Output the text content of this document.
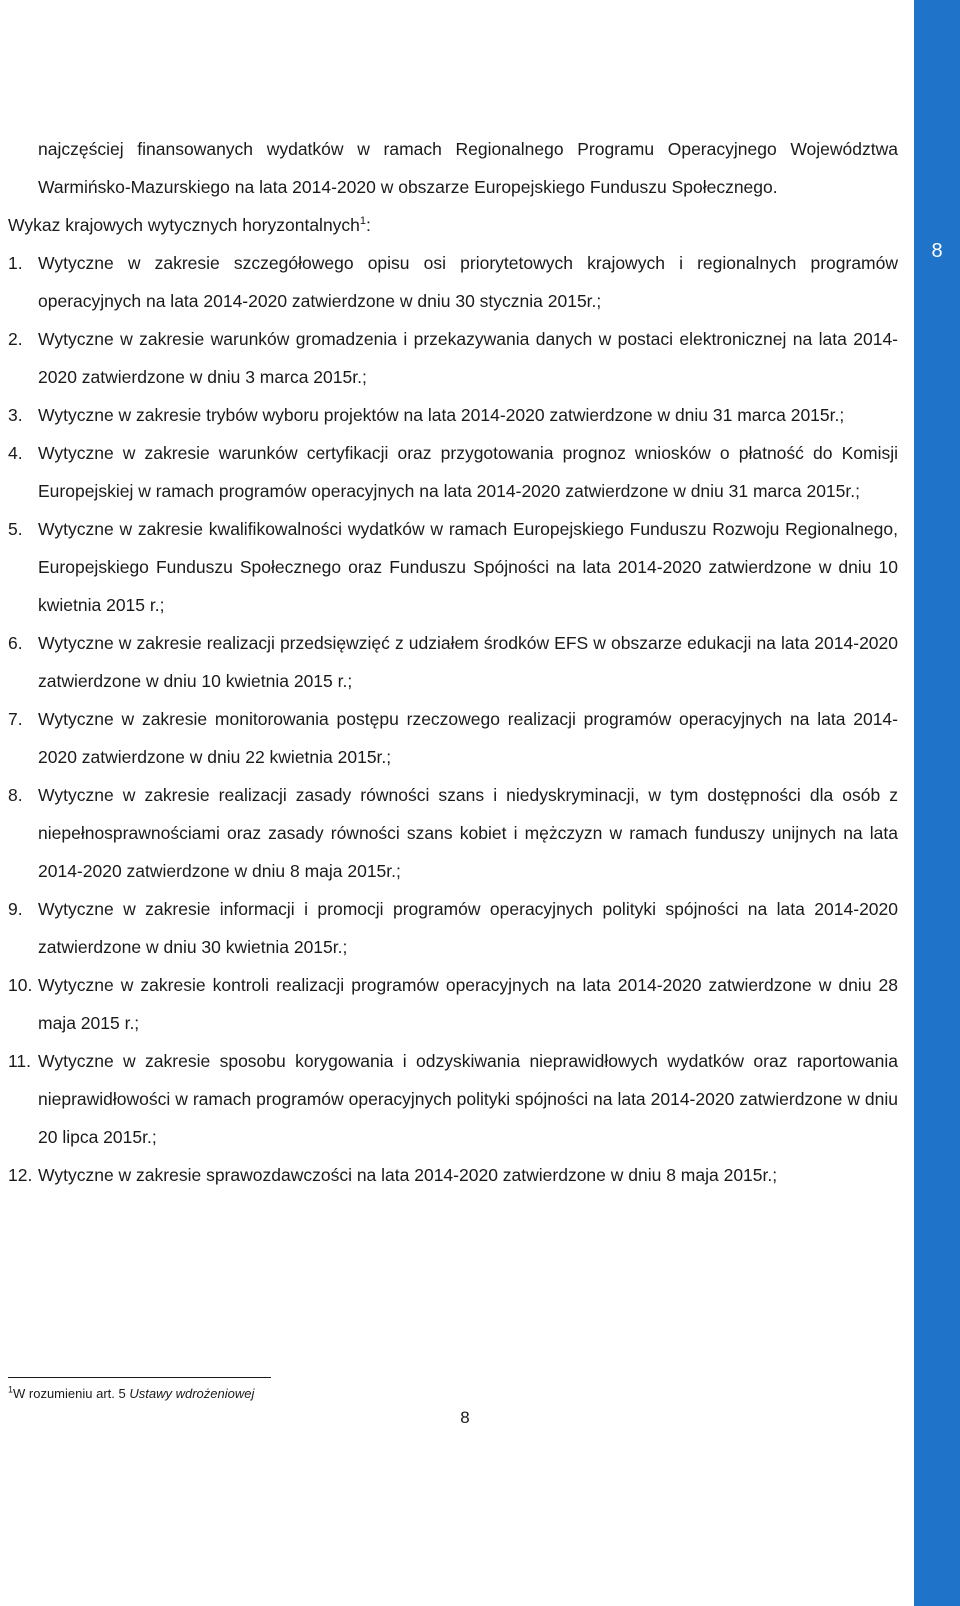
8

najczęściej finansowanych wydatków w ramach Regionalnego Programu Operacyjnego Województwa Warmińsko-Mazurskiego na lata 2014-2020 w obszarze Europejskiego Funduszu Społecznego.

Wykaz krajowych wytycznych horyzontalnych$^1$:

1. Wytyczne w zakresie szczegółowego opisu osi priorytetowych krajowych i regionalnych programów operacyjnych na lata 2014-2020 zatwierdzone w dniu 30 stycznia 2015r.;
2. Wytyczne w zakresie warunków gromadzenia i przekazywania danych w postaci elektronicznej na lata 2014-2020 zatwierdzone w dniu 3 marca 2015r.;
3. Wytyczne w zakresie trybów wyboru projektów na lata 2014-2020 zatwierdzone w dniu 31 marca 2015r.;
4. Wytyczne w zakresie warunków certyfikacji oraz przygotowania prognoz wniosków o płatność do Komisji Europejskiej w ramach programów operacyjnych na lata 2014-2020 zatwierdzone w dniu 31 marca 2015r.;
5. Wytyczne w zakresie kwalifikowalności wydatków w ramach Europejskiego Funduszu Rozwoju Regionalnego, Europejskiego Funduszu Społecznego oraz Funduszu Spójności na lata 2014-2020 zatwierdzone w dniu 10 kwietnia 2015 r.;
6. Wytyczne w zakresie realizacji przedsięwzięć z udziałem środków EFS w obszarze edukacji na lata 2014-2020 zatwierdzone w dniu 10 kwietnia 2015 r.;
7. Wytyczne w zakresie monitorowania postępu rzeczowego realizacji programów operacyjnych na lata 2014-2020 zatwierdzone w dniu 22 kwietnia 2015r.;
8. Wytyczne w zakresie realizacji zasady równości szans i niedyskryminacji, w tym dostępności dla osób z niepełnosprawnościami oraz zasady równości szans kobiet i mężczyzn w ramach funduszy unijnych na lata 2014-2020 zatwierdzone w dniu 8 maja 2015r.;
9. Wytyczne w zakresie informacji i promocji programów operacyjnych polityki spójności na lata 2014-2020 zatwierdzone w dniu 30 kwietnia 2015r.;
10. Wytyczne w zakresie kontroli realizacji programów operacyjnych na lata 2014-2020 zatwierdzone w dniu 28 maja 2015 r.;
11. Wytyczne w zakresie sposobu korygowania i odzyskiwania nieprawidłowych wydatków oraz raportowania nieprawidłowości w ramach programów operacyjnych polityki spójności na lata 2014-2020 zatwierdzone w dniu 20 lipca 2015r.;
12. Wytyczne w zakresie sprawozdawczości na lata 2014-2020 zatwierdzone w dniu 8 maja 2015r.;
$^1$W rozumieniu art. 5 Ustawy wdrożeniowej
8
